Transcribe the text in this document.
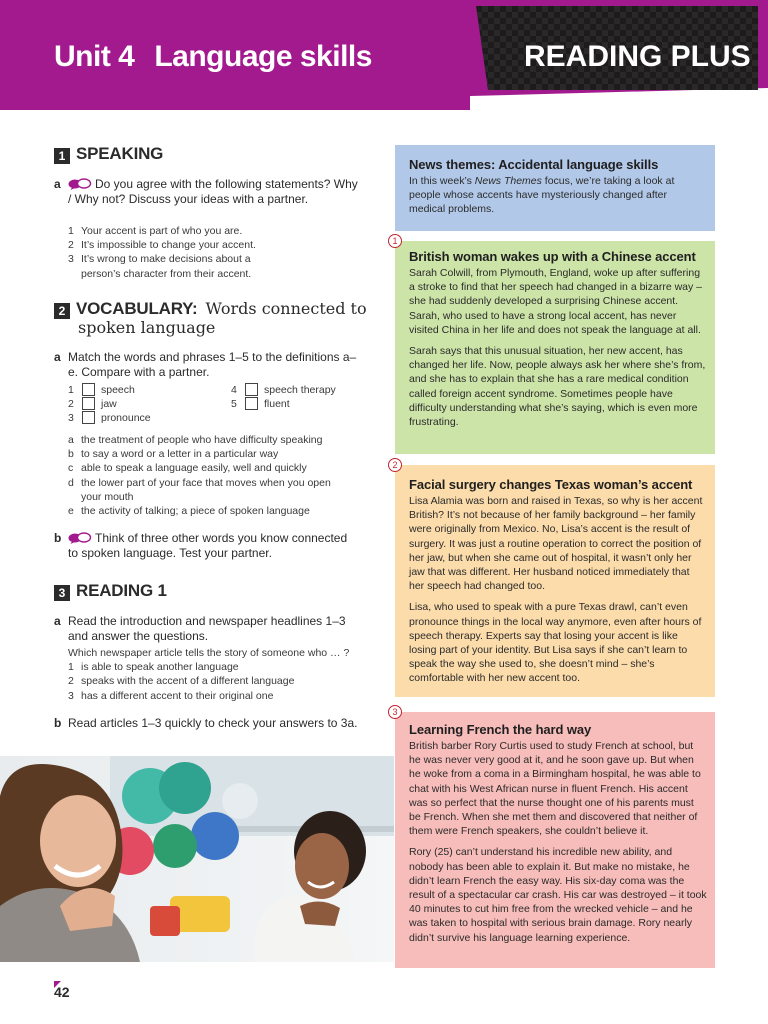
Unit 4 Language skills	READING PLUS
1 SPEAKING
a	Do you agree with the following statements? Why / Why not? Discuss your ideas with a partner.
1 Your accent is part of who you are.
2 It’s impossible to change your accent.
3 It’s wrong to make decisions about a person’s character from their accent.
2 VOCABULARY: Words connected to
spoken language
a Match the words and phrases 1–5 to the definitions a–e. Compare with a partner.
1	speech
2	jaw
3	pronounce
4	speech therapy
5	fluent
a the treatment of people who have difficulty speaking
b to say a word or a letter in a particular way
c able to speak a language easily, well and quickly
d the lower part of your face that moves when you open your mouth
e the activity of talking; a piece of spoken language
b	Think of three other words you know connected to spoken language. Test your partner.
3 READING 1
a Read the introduction and newspaper headlines 1–3 and answer the questions.
Which newspaper article tells the story of someone who … ?
1 is able to speak another language
2 speaks with the accent of a different language
3 has a different accent to their original one
b Read articles 1–3 quickly to check your answers to 3a.
42
News themes: Accidental language skills

In this week’s News Themes focus, we’re taking a look at people whose accents have mysteriously changed after medical problems.

1
British woman wakes up with a Chinese accent

Sarah Colwill, from Plymouth, England, woke up after suffering a stroke to find that her speech had changed in a bizarre way – she had suddenly developed a surprising Chinese accent. Sarah, who used to have a strong local accent, has never visited China in her life and does not speak the language at all.

Sarah says that this unusual situation, her new accent, has changed her life. Now, people always ask her where she’s from, and she has to explain that she has a rare medical condition called foreign accent syndrome. Sometimes people have difficulty understanding what she’s saying, which is even more frustrating.

2
Facial surgery changes Texas woman’s accent

Lisa Alamia was born and raised in Texas, so why is her accent British? It’s not because of her family background – her family were originally from Mexico. No, Lisa’s accent is the result of surgery. It was just a routine operation to correct the position of her jaw, but when she came out of hospital, it wasn’t only her jaw that was different. Her husband noticed immediately that her speech had changed too.

Lisa, who used to speak with a pure Texas drawl, can’t even pronounce things in the local way anymore, even after hours of speech therapy. Experts say that losing your accent is like losing part of your identity. But Lisa says if she can’t learn to speak the way she used to, she doesn’t mind – she’s comfortable with her new accent too.

3
Learning French the hard way

British barber Rory Curtis used to study French at school, but he was never very good at it, and he soon gave up. But when he woke from a coma in a Birmingham hospital, he was able to chat with his West African nurse in fluent French. His accent was so perfect that the nurse thought one of his parents must be French. When she met them and discovered that neither of them were French speakers, she couldn’t believe it.

Rory (25) can’t understand his incredible new ability, and nobody has been able to explain it. But make no mistake, he didn’t learn French the easy way. His six-day coma was the result of a spectacular car crash. His car was destroyed – it took 40 minutes to cut him free from the wrecked vehicle – and he was taken to hospital with serious brain damage. Rory nearly didn’t survive his language learning experience.
